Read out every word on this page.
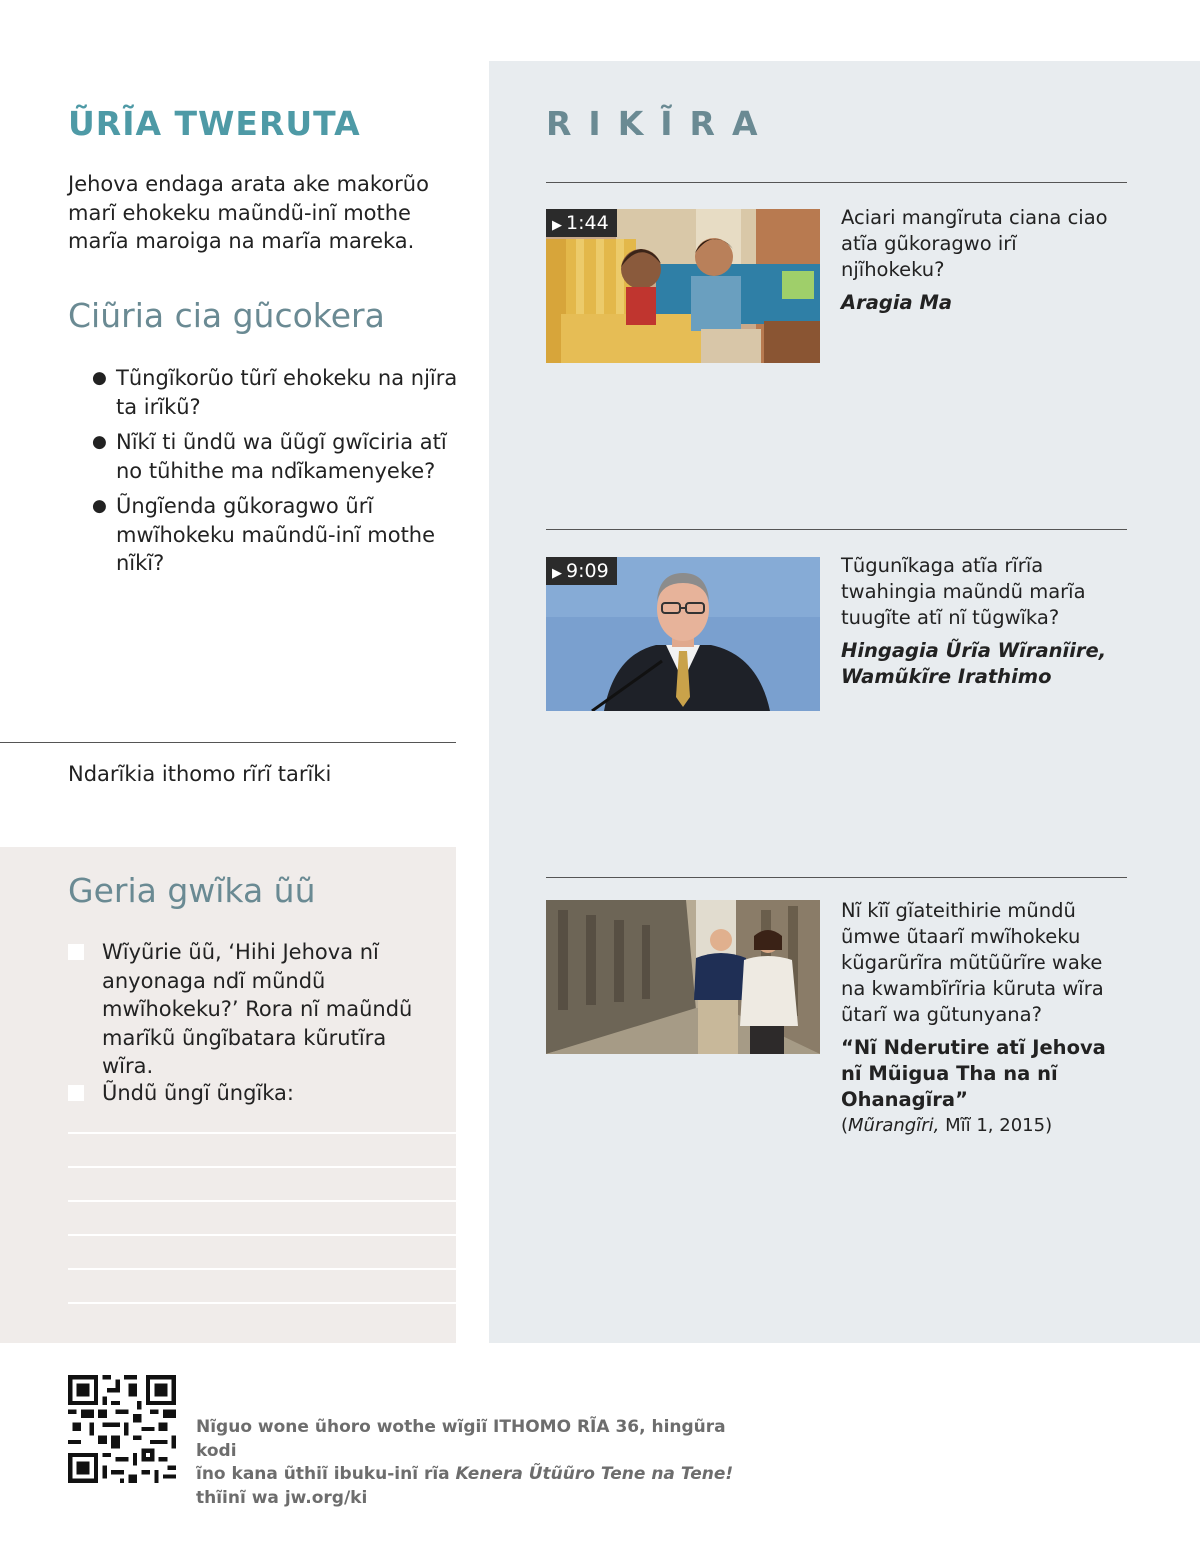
ŨRĨA TWERUTA

Jehova endaga arata ake makorũo marĩ ehokeku maũndũ-inĩ mothe marĩa maroiga na marĩa mareka.

Ciũria cia gũcokera
● Tũngĩkorũo tũrĩ ehokeku na njĩra ta irĩkũ?
● Nĩkĩ ti ũndũ wa ũũgĩ gwĩciria atĩ no tũhithe ma ndĩkamenyeke?
● Ũngĩenda gũkoragwo ũrĩ mwĩhokeku maũndũ-inĩ mothe nĩkĩ?
Ndarĩkia ithomo rĩrĩ tarĩki
Geria gwĩka ũũ
Wĩyũrie ũũ, ‘Hihi Jehova nĩ anyonaga ndĩ mũndũ mwĩhokeku?’ Rora nĩ maũndũ marĩkũ ũngĩbatara kũrutĩra wĩra.
Ũndũ ũngĩ ũngĩka:
RIKĨRA
▶ 1:44	Aciari mangĩruta ciana ciao atĩa gũkoragwo irĩ njĩhokeku?

Aragia Ma

▶ 9:09	Tũgunĩkaga atĩa rĩrĩa twahingia maũndũ marĩa tuugĩte atĩ nĩ tũgwĩka?

Hingagia Ũrĩa Wĩranĩire, Wamũkĩre Irathimo

Nĩ kĩĩ gĩateithirie mũndũ ũmwe ũtaarĩ mwĩhokeku kũgarũrĩra mũtũũrĩre wake na kwambĩrĩria kũruta wĩra ũtarĩ wa gũtunyana?

“Nĩ Nderutire atĩ Jehova nĩ Mũigua Tha na nĩ Ohanagĩra”

(Mũrangĩri, Mĩĩ 1, 2015)

Nĩguo wone ũhoro wothe wĩgiĩ ITHOMO RĨA 36, hingũra kodi
ĩno kana ũthiĩ ibuku-inĩ rĩa Kenera Ũtũũro Tene na Tene!
thĩinĩ wa jw.org/ki
